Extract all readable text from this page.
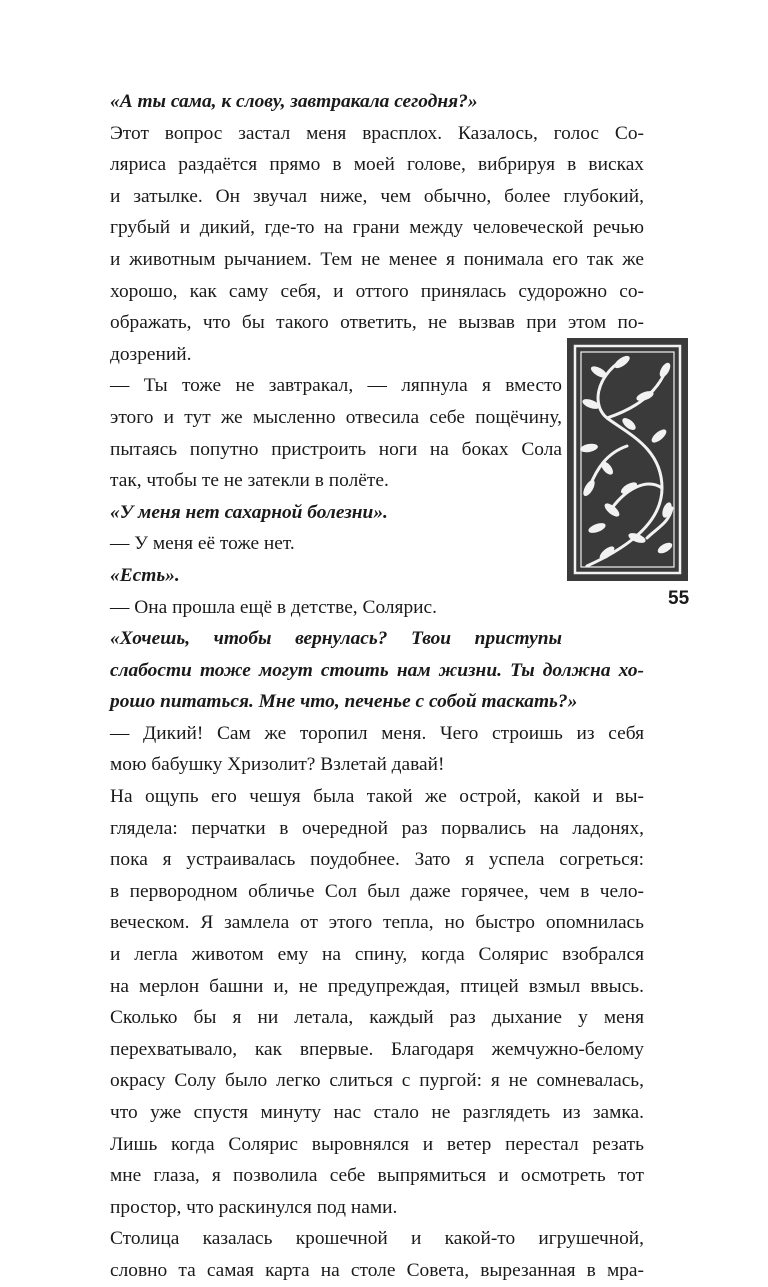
«А ты сама, к слову, завтракала сегодня?»
Этот вопрос застал меня врасплох. Казалось, голос Со-
ляриса раздаётся прямо в моей голове, вибрируя в висках
и затылке. Он звучал ниже, чем обычно, более глубокий,
грубый и дикий, где-то на грани между человеческой речью
и животным рычанием. Тем не менее я понимала его так же
хорошо, как саму себя, и оттого принялась судорожно со-
ображать, что бы такого ответить, не вызвав при этом по-
дозрений.
— Ты тоже не завтракал, — ляпнула я вместо
этого и тут же мысленно отвесила себе пощёчину,
пытаясь попутно пристроить ноги на боках Сола
так, чтобы те не затекли в полёте.
«У меня нет сахарной болезни».
— У меня её тоже нет.
«Есть».
— Она прошла ещё в детстве, Солярис.
«Хочешь, чтобы вернулась? Твои приступы
слабости тоже могут стоить нам жизни. Ты должна хо-
рошо питаться. Мне что, печенье с собой таскать?»
— Дикий! Сам же торопил меня. Чего строишь из себя
мою бабушку Хризолит? Взлетай давай!
На ощупь его чешуя была такой же острой, какой и вы-
глядела: перчатки в очередной раз порвались на ладонях,
пока я устраивалась поудобнее. Зато я успела согреться:
в первородном обличье Сол был даже горячее, чем в чело-
веческом. Я замлела от этого тепла, но быстро опомнилась
и легла животом ему на спину, когда Солярис взобрался
на мерлон башни и, не предупреждая, птицей взмыл ввысь.
Сколько бы я ни летала, каждый раз дыхание у меня
перехватывало, как впервые. Благодаря жемчужно-белому
окрасу Солу было легко слиться с пургой: я не сомневалась,
что уже спустя минуту нас стало не разглядеть из замка.
Лишь когда Солярис выровнялся и ветер перестал резать
мне глаза, я позволила себе выпрямиться и осмотреть тот
простор, что раскинулся под нами.
Столица казалась крошечной и какой-то игрушечной,
словно та самая карта на столе Совета, вырезанная в мра-
55
